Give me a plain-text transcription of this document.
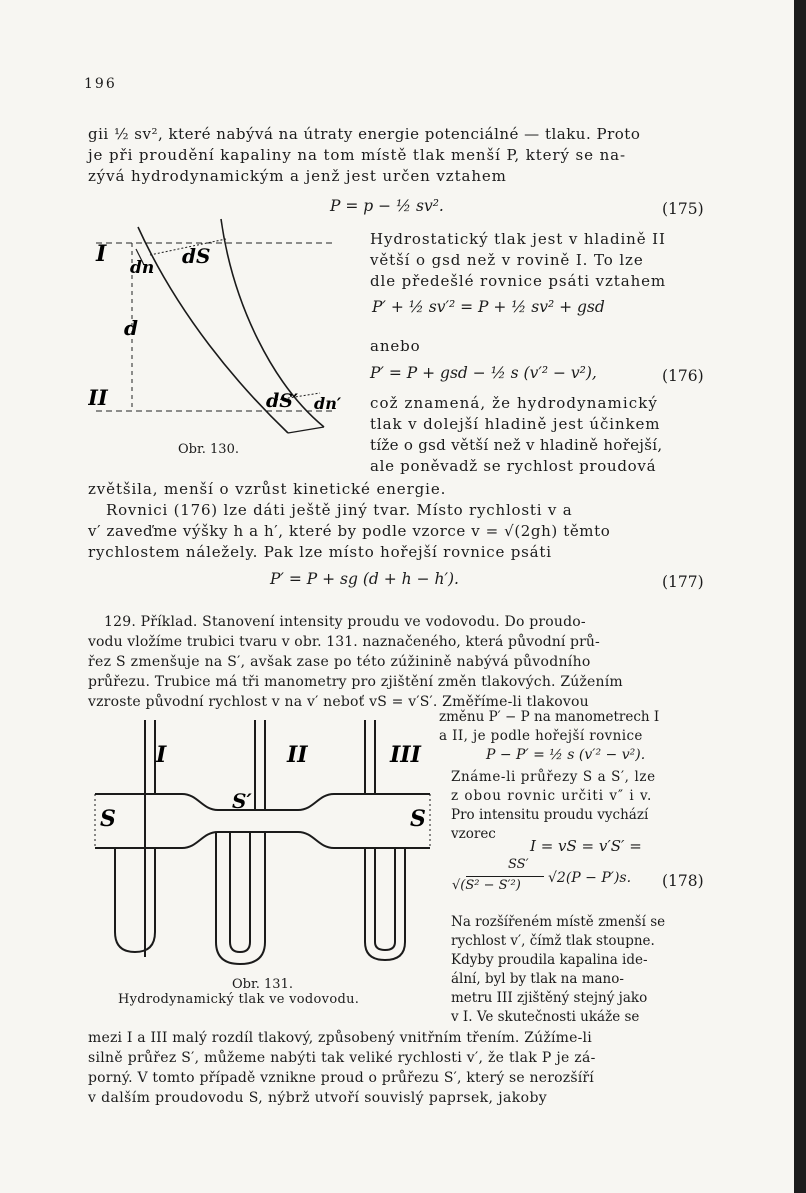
196
gii ½ sv², které nabývá na útraty energie potenciálné — tlaku. Proto
je při proudění kapaliny na tom místě tlak menší P, který se na-
zývá hydrodynamickým a jenž jest určen vztahem
P = p − ½ sv².	(175)
I
II
d
dn dS
dS′ dn′
Obr. 130.
Hydrostatický tlak jest v hladině II
větší o gsd než v rovině I. To lze
dle předešlé rovnice psáti vztahem
P′ + ½ sv′² = P + ½ sv² + gsd
anebo
P′ = P + gsd − ½ s (v′² − v²),	(176)
což znamená, že hydrodynamický
tlak v dolejší hladině jest účinkem
tíže o gsd větší než v hladině hořejší,
ale poněvadž se rychlost proudová
zvětšila, menší o vzrůst kinetické energie.
Rovnici (176) lze dáti ještě jiný tvar. Místo rychlosti v a
v′ zaveďme výšky h a h′, které by podle vzorce v = √(2gh) těmto
rychlostem náležely. Pak lze místo hořejší rovnice psáti
P′ = P + sg (d + h − h′).	(177)
129. Příklad. Stanovení intensity proudu ve vodovodu. Do proudo-
vodu vložíme trubici tvaru v obr. 131. naznačeného, která původní prů-
řez S zmenšuje na S′, avšak zase po této zúžinině nabývá původního
průřezu. Trubice má tři manometry pro zjištění změn tlakových. Zúžením
vzroste původní rychlost v na v′ neboť vS = v′S′. Změříme-li tlakovou
I	II	III
S	S
S′
Obr. 131.
Hydrodynamický tlak ve vodovodu.
změnu P′ − P na manometrech I
a II, je podle hořejší rovnice
P − P′ = ½ s (v′² − v²).
Známe-li průřezy S a S′, lze
z obou rovnic určiti v″ i v.
Pro intensitu proudu vychází
vzorec
I = vS = v′S′ =
SS′
√(S² − S′²) √2(P − P′)s. (178)
Na rozšířeném místě zmenší se
rychlost v′, čímž tlak stoupne.
Kdyby proudila kapalina ide-
ální, byl by tlak na mano-
metru III zjištěný stejný jako
v I. Ve skutečnosti ukáže se
mezi I a III malý rozdíl tlakový, způsobený vnitřním třením. Zúžíme-li
silně průřez S′, můžeme nabýti tak veliké rychlosti v′, že tlak P je zá-
porný. V tomto případě vznikne proud o průřezu S′, který se nerozšíří
v dalším proudovodu S, nýbrž utvoří souvislý paprsek, jakoby
